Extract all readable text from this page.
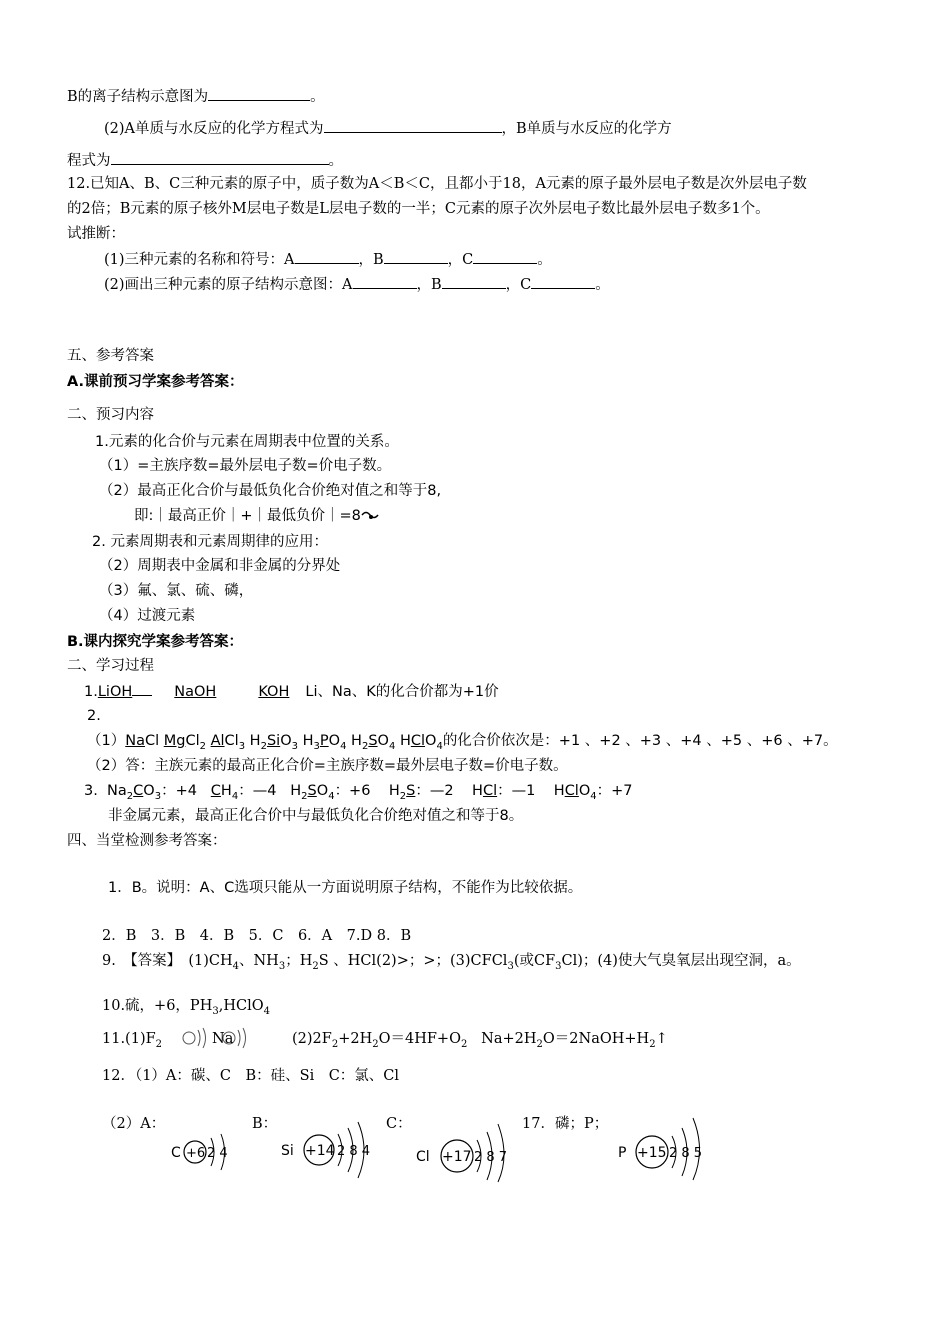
B的离子结构示意图为	。
(2)A单质与水反应的化学方程式为	，B单质与水反应的化学方
程式为	。
12.已知A、B、C三种元素的原子中，质子数为A＜B＜C，且都小于18，A元素的原子最外层电子数是次外层电子数
的2倍；B元素的原子核外M层电子数是L层电子数的一半；C元素的原子次外层电子数比最外层电子数多1个。
试推断：
(1)三种元素的名称和符号：A	，B	，C	。
(2)画出三种元素的原子结构示意图：A	，B	，C	。
五、参考答案
A.课前预习学案参考答案：
二、预习内容
1.元素的化合价与元素在周期表中位置的关系。
（1）=主族序数=最外层电子数=价电子数。
（2）最高正化合价与最低负化合价绝对值之和等于8,
即:｜最高正价｜+｜最低负价｜=8
2. 元素周期表和元素周期律的应用：
（2）周期表中金属和非金属的分界处
（3）氟、氯、硫、磷，
（4）过渡元素
B.课内探究学案参考答案：
二、学习过程
1.LiOH	NaOH	KOH Li、Na、K的化合价都为+1价
2.
（1）NaCl MgCl$_2$ AlCl$_3$ $H_2SiO_3$ $H_3PO_4$ $H_2SO_4$ HClO$_4$的化合价依次是：+1 、+2 、+3 、+4 、+5 、+6 、+7。
（2）答：主族元素的最高正化合价=主族序数=最外层电子数=价电子数。
3.  $Na_2CO_3$：+4 $CH_4$：—4   $H_2SO_4$：+6    $H_2S$：—2    HCl：—1    HClO$_4$：+7
非金属元素，最高正化合价中与最低负化合价绝对值之和等于8。
四、当堂检测参考答案：
1．B。说明：A、C选项只能从一方面说明原子结构，不能作为比较依据。
2．B　3．B　4．B　5．C　6．A　7.D 8．B
9.　【答案】　$(1)CH_4$、$NH_3$；$H_2S$ 、HCl(2)>；>；(3)CFCl$_3$(或$CF_3Cl$)；(4)使大气臭氧层出现空洞，a。
10.硫，+6，$PH_3,HClO_4$
$11.(1)F_2$	Na	$(2)2F_2+2H_2O=4HF+O_2$   $Na+2H_2O=2NaOH+H_2↑$
12．（1）A：碳、C　B：硅、Si　C：氯、Cl
（2）A：	B：	C：	17．磷；P；
C +6 2 4	Si +14 2 8 4	Cl +17 2 8 7	P +15 2 8 5
